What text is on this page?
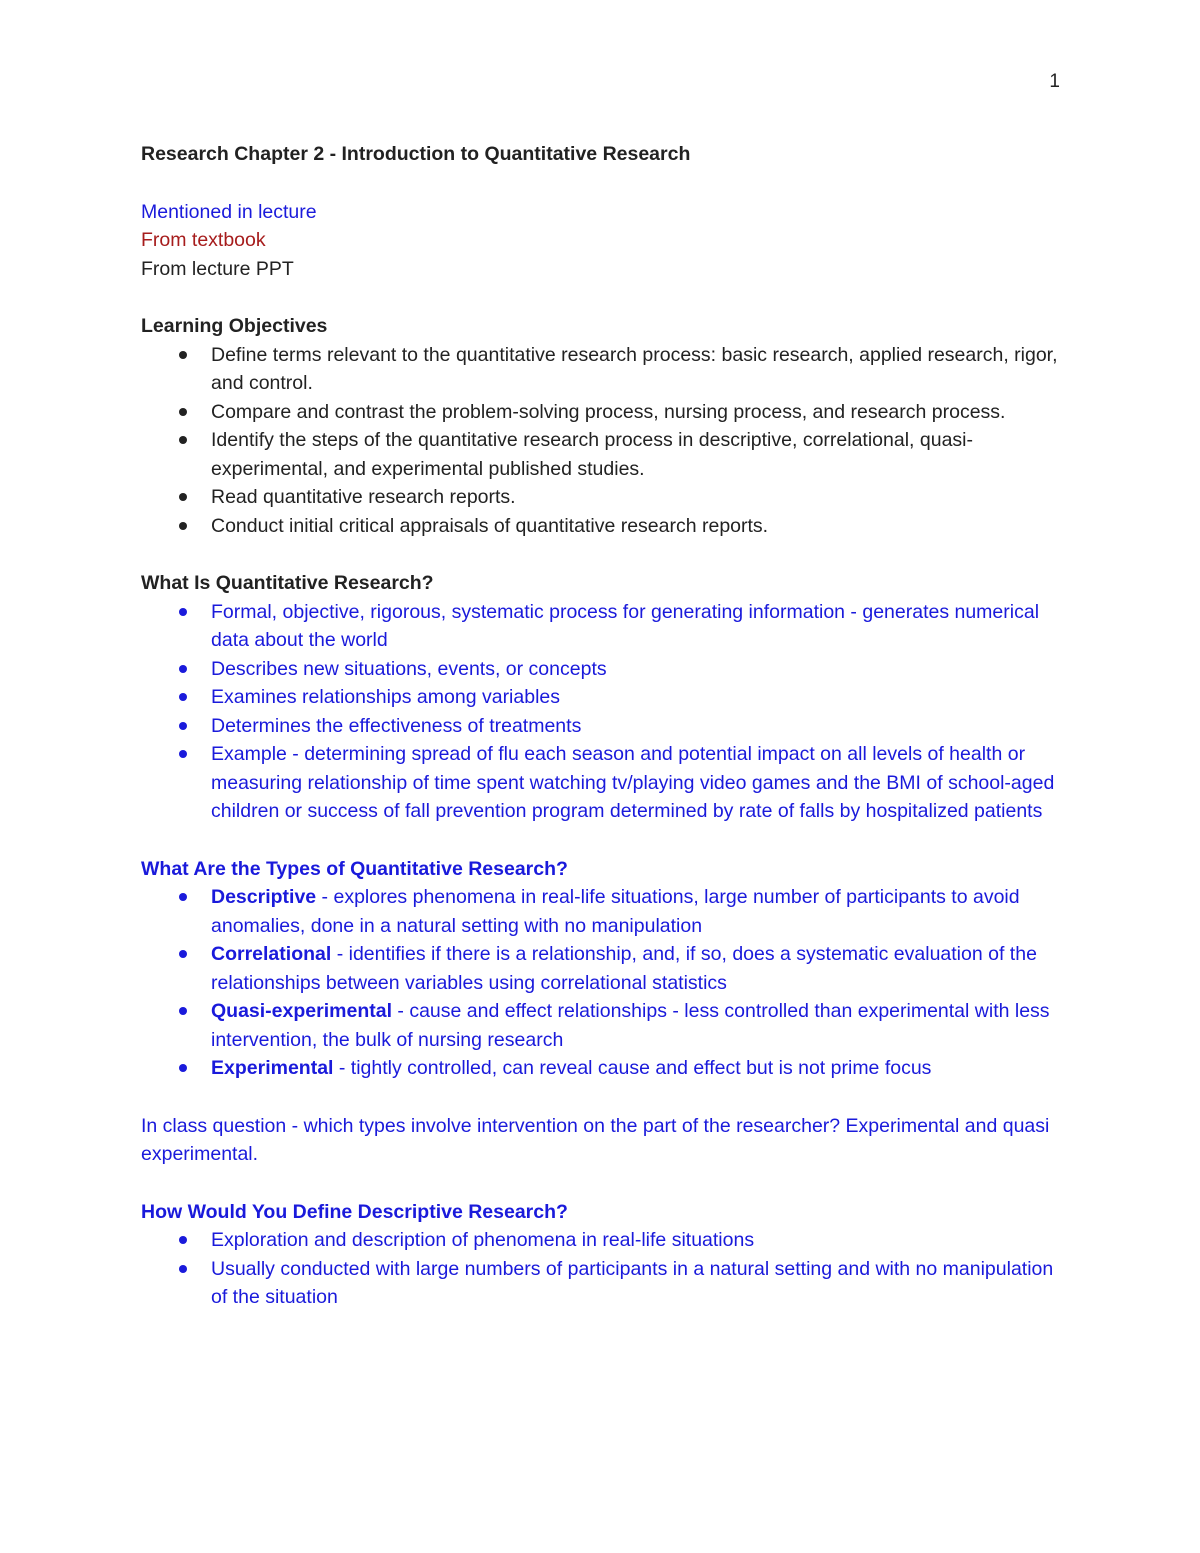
1

Research Chapter 2 - Introduction to Quantitative Research

Mentioned in lecture
From textbook
From lecture PPT

Learning Objectives

Define terms relevant to the quantitative research process: basic research, applied research, rigor, and control.
Compare and contrast the problem-solving process, nursing process, and research process.
Identify the steps of the quantitative research process in descriptive, correlational, quasi-experimental, and experimental published studies.
Read quantitative research reports.
Conduct initial critical appraisals of quantitative research reports.

What Is Quantitative Research?

Formal, objective, rigorous, systematic process for generating information - generates numerical data about the world
Describes new situations, events, or concepts
Examines relationships among variables
Determines the effectiveness of treatments
Example - determining spread of flu each season and potential impact on all levels of health or measuring relationship of time spent watching tv/playing video games and the BMI of school-aged children or success of fall prevention program determined by rate of falls by hospitalized patients

What Are the Types of Quantitative Research?

Descriptive - explores phenomena in real-life situations, large number of participants to avoid anomalies, done in a natural setting with no manipulation
Correlational - identifies if there is a relationship, and, if so, does a systematic evaluation of the relationships between variables using correlational statistics
Quasi-experimental - cause and effect relationships - less controlled than experimental with less intervention, the bulk of nursing research
Experimental - tightly controlled, can reveal cause and effect but is not prime focus
In class question - which types involve intervention on the part of the researcher? Experimental and quasi experimental.

How Would You Define Descriptive Research?

Exploration and description of phenomena in real-life situations
Usually conducted with large numbers of participants in a natural setting and with no manipulation of the situation
